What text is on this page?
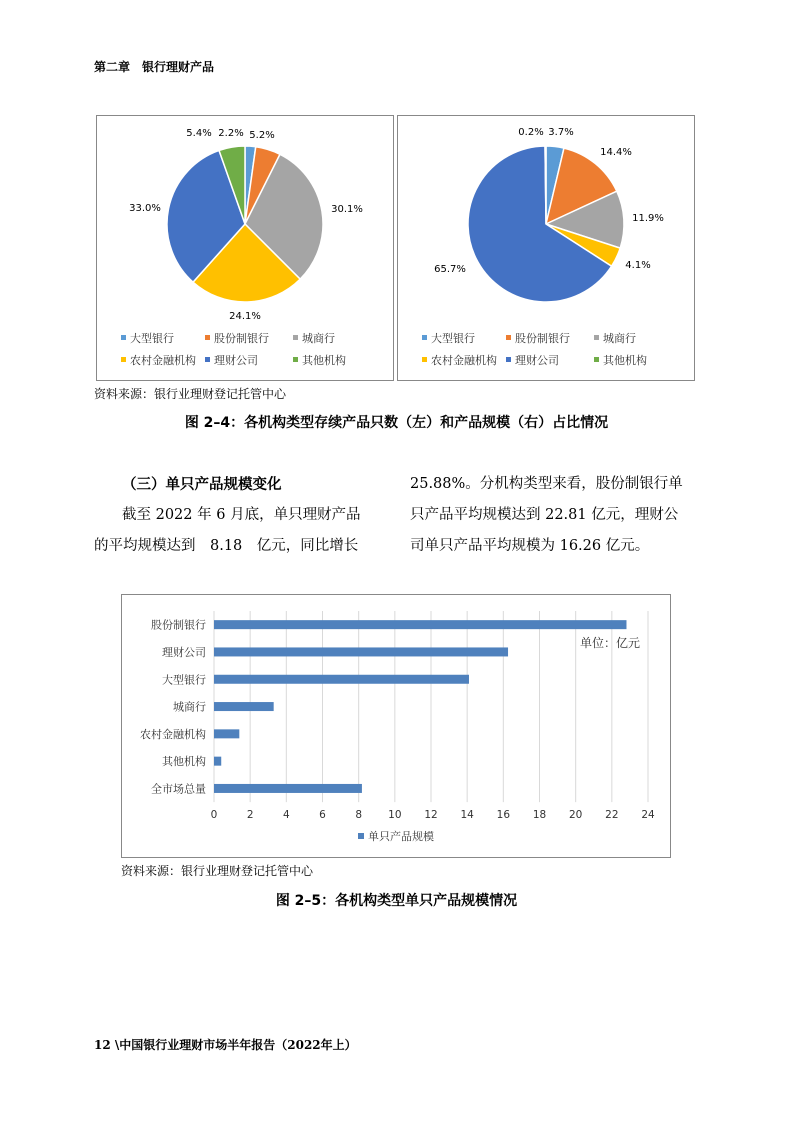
第二章　银行理财产品
2.2% 5.2%
30.1%
24.1%
33.0%
5.4%
大型银行	股份制银行	城商行
农村金融机构 理财公司	其他机构
3.7%
14.4%
11.9%
4.1%
65.7%
0.2%
大型银行	股份制银行	城商行
农村金融机构 理财公司	其他机构
资料来源：银行业理财登记托管中心
图 2–4：各机构类型存续产品只数（左）和产品规模（右）占比情况

（三）单只产品规模变化

截至 2022 年 6 月底，单只理财产品

的平均规模达到　8.18　亿元，同比增长

25.88%。分机构类型来看，股份制银行单

只产品平均规模达到 22.81 亿元，理财公

司单只产品平均规模为 16.26 亿元。

0	2	4	6	8 10 12 14 16 18 20 22 24
股份制银行
理财公司
大型银行
城商行
农村金融机构
其他机构
全市场总量
单位：亿元
单只产品规模
资料来源：银行业理财登记托管中心
图 2–5：各机构类型单只产品规模情况
12 \中国银行业理财市场半年报告（2022年上）
